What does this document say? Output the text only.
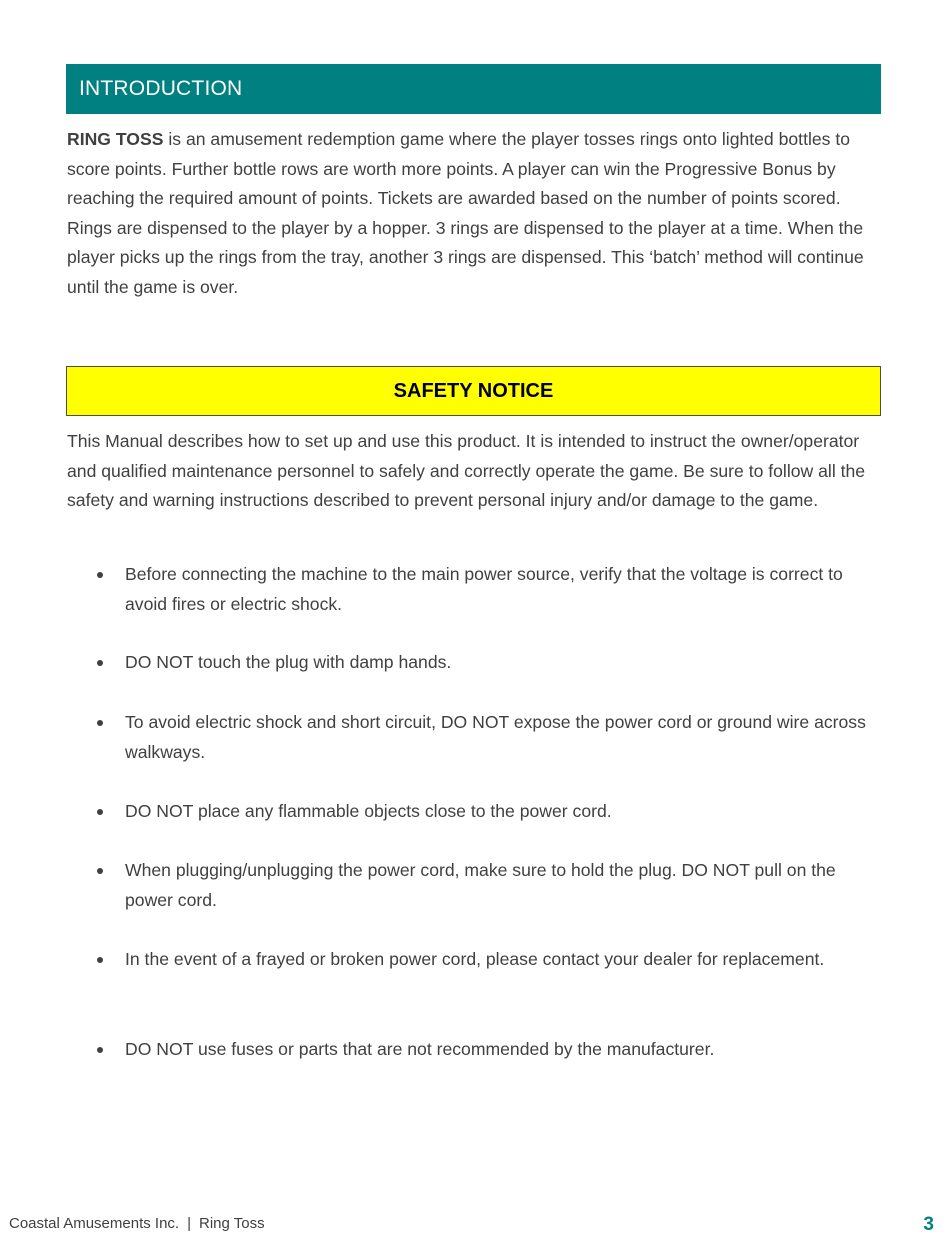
INTRODUCTION

RING TOSS is an amusement redemption game where the player tosses rings onto lighted bottles to score points. Further bottle rows are worth more points. A player can win the Progressive Bonus by reaching the required amount of points. Tickets are awarded based on the number of points scored. Rings are dispensed to the player by a hopper. 3 rings are dispensed to the player at a time. When the player picks up the rings from the tray, another 3 rings are dispensed. This ‘batch’ method will continue until the game is over.

SAFETY NOTICE

This Manual describes how to set up and use this product. It is intended to instruct the owner/operator and qualified maintenance personnel to safely and correctly operate the game. Be sure to follow all the safety and warning instructions described to prevent personal injury and/or damage to the game.

Before connecting the machine to the main power source, verify that the voltage is correct to avoid fires or electric shock.
DO NOT touch the plug with damp hands.
To avoid electric shock and short circuit, DO NOT expose the power cord or ground wire across walkways.
DO NOT place any flammable objects close to the power cord.
When plugging/unplugging the power cord, make sure to hold the plug. DO NOT pull on the power cord.
In the event of a frayed or broken power cord, please contact your dealer for replacement.
DO NOT use fuses or parts that are not recommended by the manufacturer.
Coastal Amusements Inc. | Ring Toss	3
